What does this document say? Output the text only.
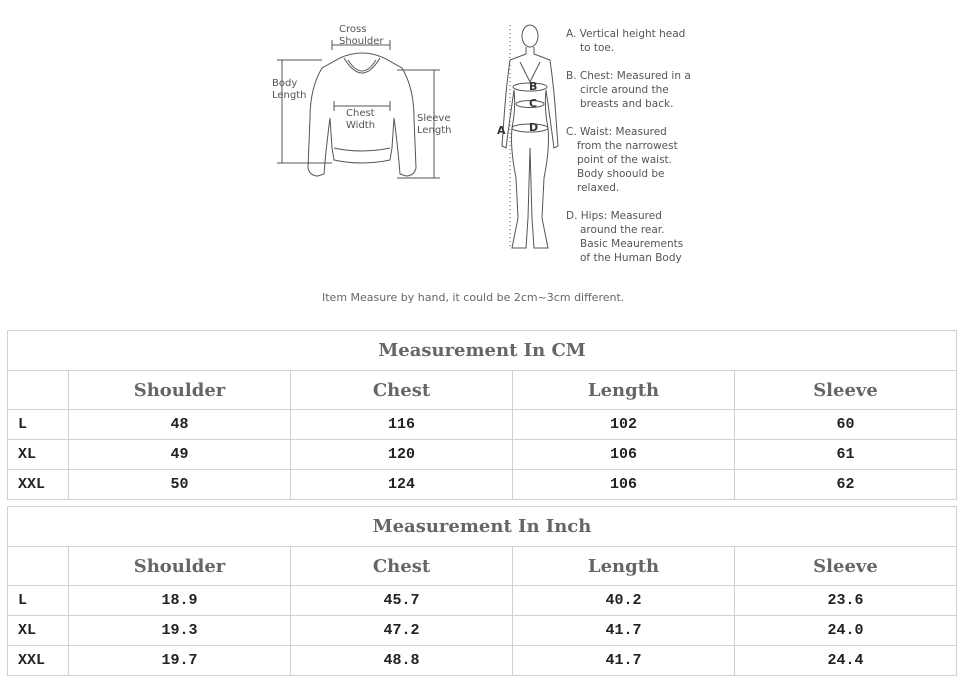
Cross
Shoulder
Body
Length
Chest
Width
Sleeve
Length	A
B
C
D
A. Vertical height head
to toe.
B. Chest: Measured in a
circle around the
breasts and back.
C. Waist: Measured
from the narrowest
point of the waist.
Body shoould be
relaxed.
D. Hips: Measured
around the rear.
Basic Meaurements
of the Human Body
Item Measure by hand, it could be 2cm~3cm different.
Measurement In CM				
	Shoulder	Chest	Length	Sleeve
L	48	116	102	60
XL	49	120	106	61
XXL	50	124	106	62
Measurement In Inch				
	Shoulder	Chest	Length	Sleeve
L	18.9	45.7	40.2	23.6
XL	19.3	47.2	41.7	24.0
XXL	19.7	48.8	41.7	24.4
